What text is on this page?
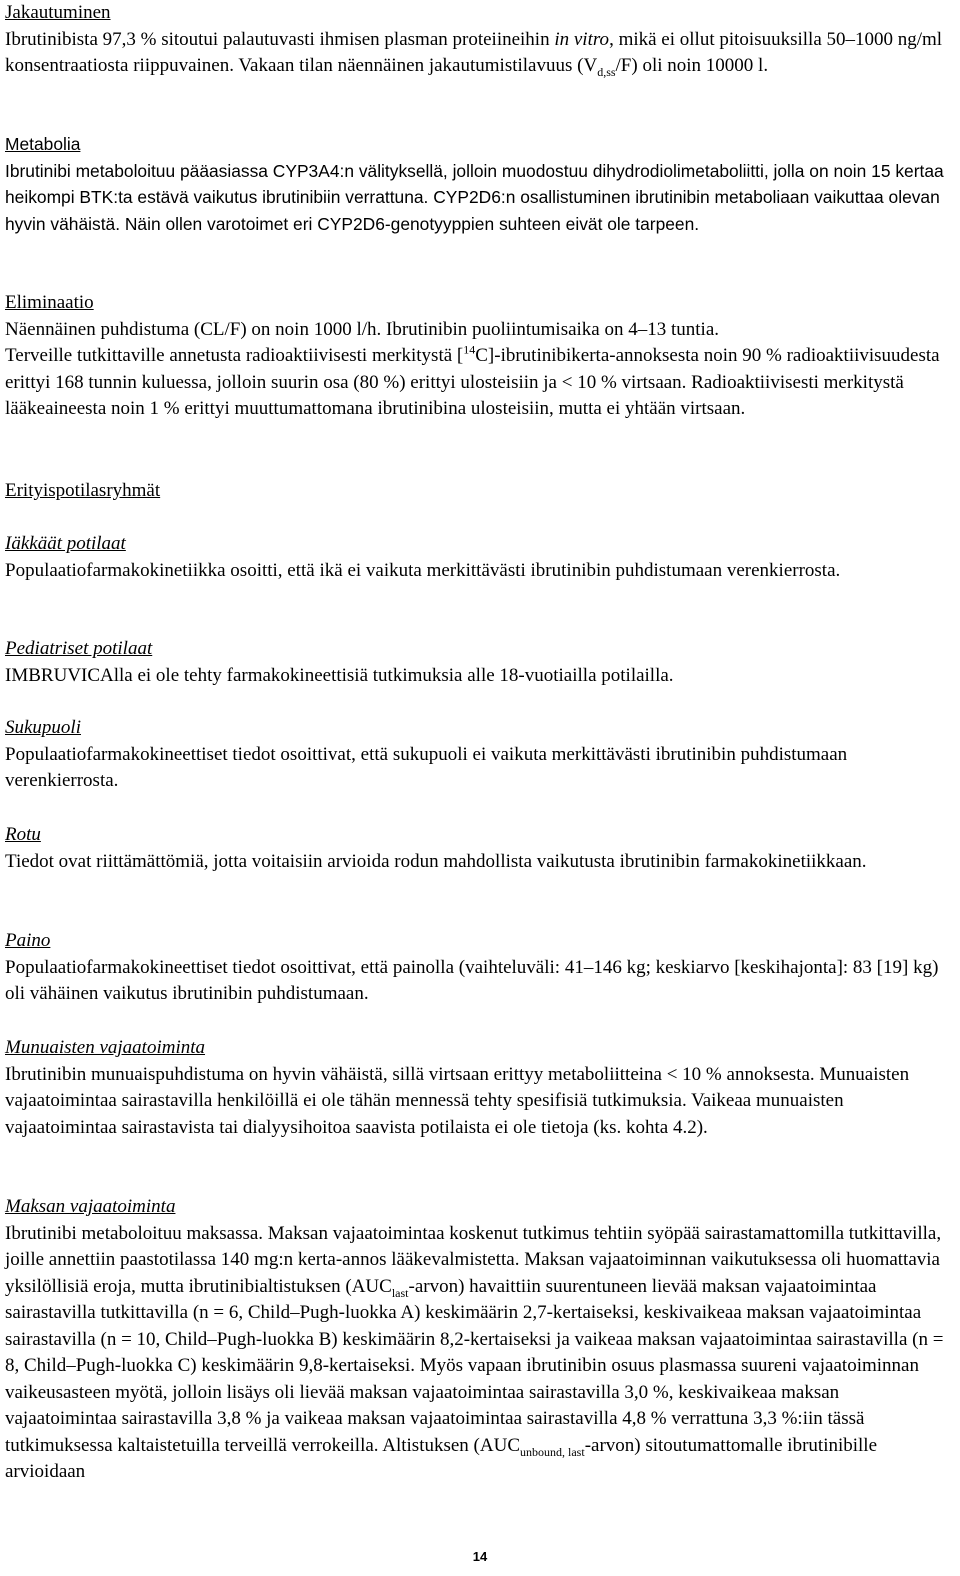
Jakautuminen

Ibrutinibista 97,3 % sitoutui palautuvasti ihmisen plasman proteiineihin in vitro, mikä ei ollut pitoisuuksilla 50–1000 ng/ml konsentraatiosta riippuvainen. Vakaan tilan näennäinen jakautumistilavuus $(V_{d,ss}/F)$ oli noin 10000 l.

Metabolia

Ibrutinibi metaboloituu pääasiassa CYP3A4:n välityksellä, jolloin muodostuu dihydrodiolimetaboliitti, jolla on noin 15 kertaa heikompi BTK:ta estävä vaikutus ibrutinibiin verrattuna. CYP2D6:n osallistuminen ibrutinibin metaboliaan vaikuttaa olevan hyvin vähäistä. Näin ollen varotoimet eri CYP2D6-genotyyppien suhteen eivät ole tarpeen.

Eliminaatio

Näennäinen puhdistuma (CL/F) on noin 1000 l/h. Ibrutinibin puoliintumisaika on 4–13 tuntia.

Terveille tutkittaville annetusta radioaktiivisesti merkitystä [$^{14}$C]-ibrutinibikerta-annoksesta noin 90 % radioaktiivisuudesta erittyi 168 tunnin kuluessa, jolloin suurin osa (80 %) erittyi ulosteisiin ja < 10 % virtsaan. Radioaktiivisesti merkitystä lääkeaineesta noin 1 % erittyi muuttumattomana ibrutinibina ulosteisiin, mutta ei yhtään virtsaan.

Erityispotilasryhmät

Iäkkäät potilaat

Populaatiofarmakokinetiikka osoitti, että ikä ei vaikuta merkittävästi ibrutinibin puhdistumaan verenkierrosta.

Pediatriset potilaat

IMBRUVICAlla ei ole tehty farmakokineettisiä tutkimuksia alle 18-vuotiailla potilailla.

Sukupuoli

Populaatiofarmakokineettiset tiedot osoittivat, että sukupuoli ei vaikuta merkittävästi ibrutinibin puhdistumaan verenkierrosta.

Rotu

Tiedot ovat riittämättömiä, jotta voitaisiin arvioida rodun mahdollista vaikutusta ibrutinibin farmakokinetiikkaan.

Paino

Populaatiofarmakokineettiset tiedot osoittivat, että painolla (vaihteluväli: 41–146 kg; keskiarvo [keskihajonta]: 83 [19] kg) oli vähäinen vaikutus ibrutinibin puhdistumaan.

Munuaisten vajaatoiminta

Ibrutinibin munuaispuhdistuma on hyvin vähäistä, sillä virtsaan erittyy metaboliitteina < 10 % annoksesta. Munuaisten vajaatoimintaa sairastavilla henkilöillä ei ole tähän mennessä tehty spesifisiä tutkimuksia. Vaikeaa munuaisten vajaatoimintaa sairastavista tai dialyysihoitoa saavista potilaista ei ole tietoja (ks. kohta 4.2).

Maksan vajaatoiminta

Ibrutinibi metaboloituu maksassa. Maksan vajaatoimintaa koskenut tutkimus tehtiin syöpää sairastamattomilla tutkittavilla, joille annettiin paastotilassa 140 mg:n kerta-annos lääkevalmistetta. Maksan vajaatoiminnan vaikutuksessa oli huomattavia yksilöllisiä eroja, mutta ibrutinibialtistuksen $(AUC_{last}-arvon)$ havaittiin suurentuneen lievää maksan vajaatoimintaa sairastavilla tutkittavilla (n = 6, Child–Pugh-luokka A) keskimäärin 2,7-kertaiseksi, keskivaikeaa maksan vajaatoimintaa sairastavilla (n = 10, Child–Pugh-luokka B) keskimäärin 8,2-kertaiseksi ja vaikeaa maksan vajaatoimintaa sairastavilla (n = 8, Child–Pugh-luokka C) keskimäärin 9,8-kertaiseksi. Myös vapaan ibrutinibin osuus plasmassa suureni vajaatoiminnan vaikeusasteen myötä, jolloin lisäys oli lievää maksan vajaatoimintaa sairastavilla 3,0 %, keskivaikeaa maksan vajaatoimintaa sairastavilla 3,8 % ja vaikeaa maksan vajaatoimintaa sairastavilla 4,8 % verrattuna 3,3 %:iin tässä tutkimuksessa kaltaistetuilla terveillä verrokeilla. Altistuksen $(AUC_{unbound, last}-arvon)$ sitoutumattomalle ibrutinibille arvioidaan

14
